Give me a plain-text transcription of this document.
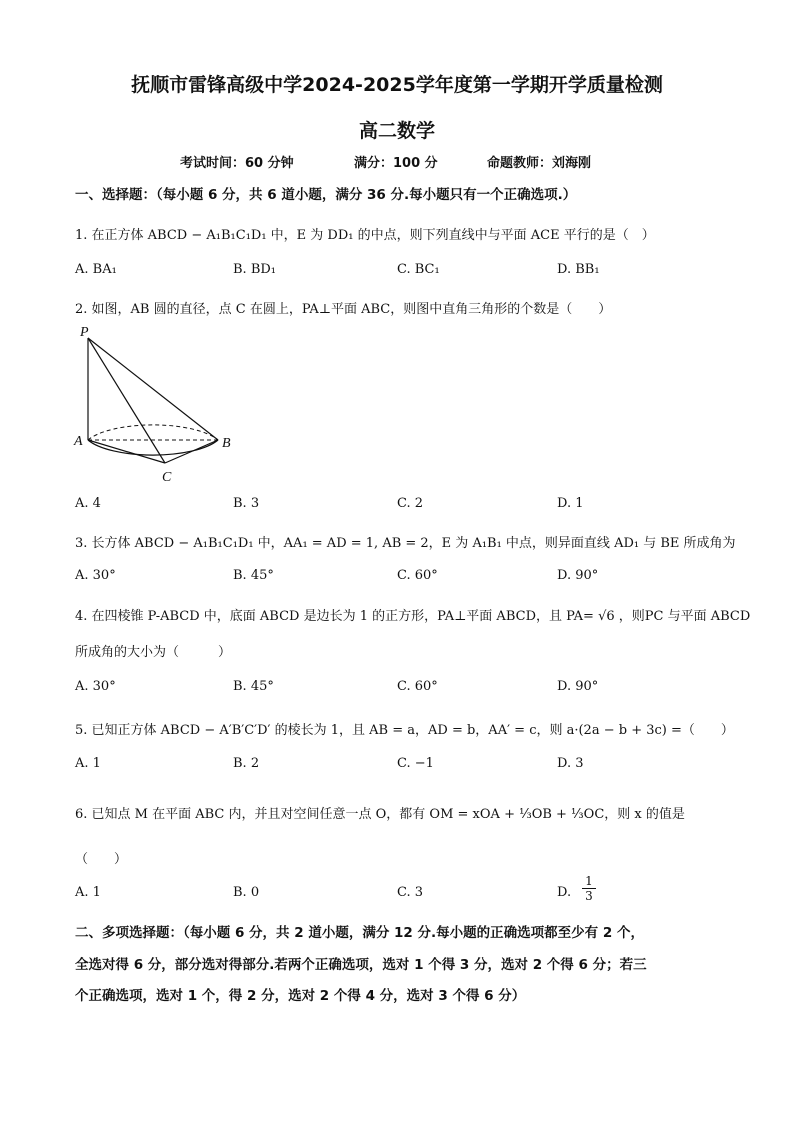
抚顺市雷锋高级中学2024-2025学年度第一学期开学质量检测
高二数学
考试时间：60 分钟	满分：100 分	命题教师：刘海刚
一、选择题：（每小题 6 分，共 6 道小题，满分 36 分.每小题只有一个正确选项.）
1. 在正方体 ABCD − A₁B₁C₁D₁ 中，E 为 DD₁ 的中点，则下列直线中与平面 ACE 平行的是（　）
A. BA₁	B. BD₁	C. BC₁	D. BB₁
2. 如图，AB 圆的直径，点 C 在圆上，PA⊥平面 ABC，则图中直角三角形的个数是（　　）
P
A	B
C
A. 4	B. 3	C. 2	D. 1
3. 长方体 ABCD − A₁B₁C₁D₁ 中，AA₁ = AD = 1, AB = 2，E 为 A₁B₁ 中点，则异面直线 AD₁ 与 BE 所成角为
A. 30°	B. 45°	C. 60°	D. 90°
4. 在四棱锥 P-ABCD 中，底面 ABCD 是边长为 1 的正方形，PA⊥平面 ABCD，且 PA= √6 ，则PC 与平面 ABCD
所成角的大小为（　　　）
A. 30°	B. 45°	C. 60°	D. 90°
5. 已知正方体 ABCD − A′B′C′D′ 的棱长为 1，且 AB = a，AD = b，AA′ = c，则 a·(2a − b + 3c) =（　　）
A. 1	B. 2	C. −1	D. 3
6. 已知点 M 在平面 ABC 内，并且对空间任意一点 O，都有 OM = xOA + ⅓OB + ⅓OC，则 x 的值是
（　　）
A. 1	B. 0	C. 3	D. $\frac{1}{3}$
二、多项选择题：（每小题 6 分，共 2 道小题，满分 12 分.每小题的正确选项都至少有 2 个，
全选对得 6 分，部分选对得部分.若两个正确选项，选对 1 个得 3 分，选对 2 个得 6 分；若三
个正确选项，选对 1 个，得 2 分，选对 2 个得 4 分，选对 3 个得 6 分）
